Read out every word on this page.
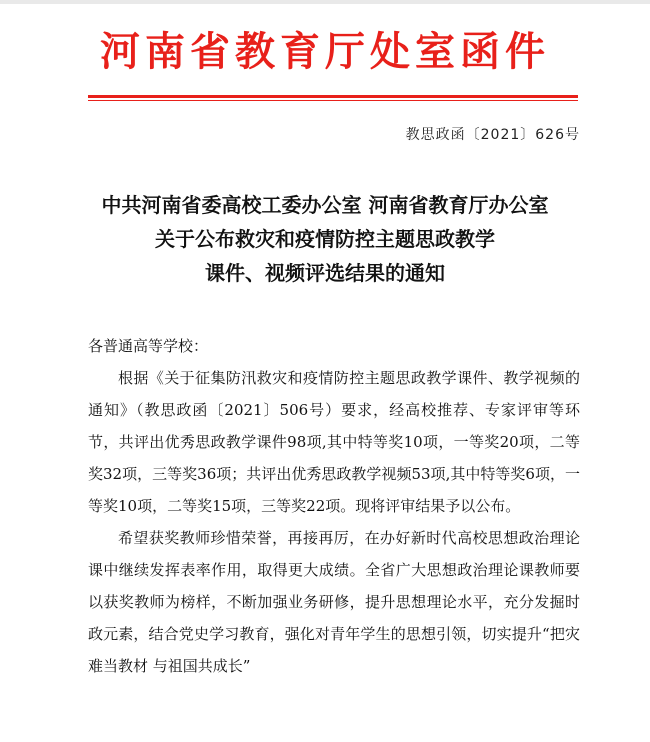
河南省教育厅处室函件
教思政函〔2021〕626号
中共河南省委高校工委办公室 河南省教育厅办公室
关于公布救灾和疫情防控主题思政教学
课件、视频评选结果的通知
各普通高等学校：
根据《关于征集防汛救灾和疫情防控主题思政教学课件、教学视频的通知》（教思政函〔2021〕506号）要求，经高校推荐、专家评审等环节，共评出优秀思政教学课件98项,其中特等奖10项，一等奖20项，二等奖32项，三等奖36项；共评出优秀思政教学视频53项,其中特等奖6项，一等奖10项，二等奖15项，三等奖22项。现将评审结果予以公布。
希望获奖教师珍惜荣誉，再接再厉，在办好新时代高校思想政治理论课中继续发挥表率作用，取得更大成绩。全省广大思想政治理论课教师要以获奖教师为榜样，不断加强业务研修，提升思想理论水平，充分发掘时政元素，结合党史学习教育，强化对青年学生的思想引领，切实提升“把灾难当教材 与祖国共成长”
